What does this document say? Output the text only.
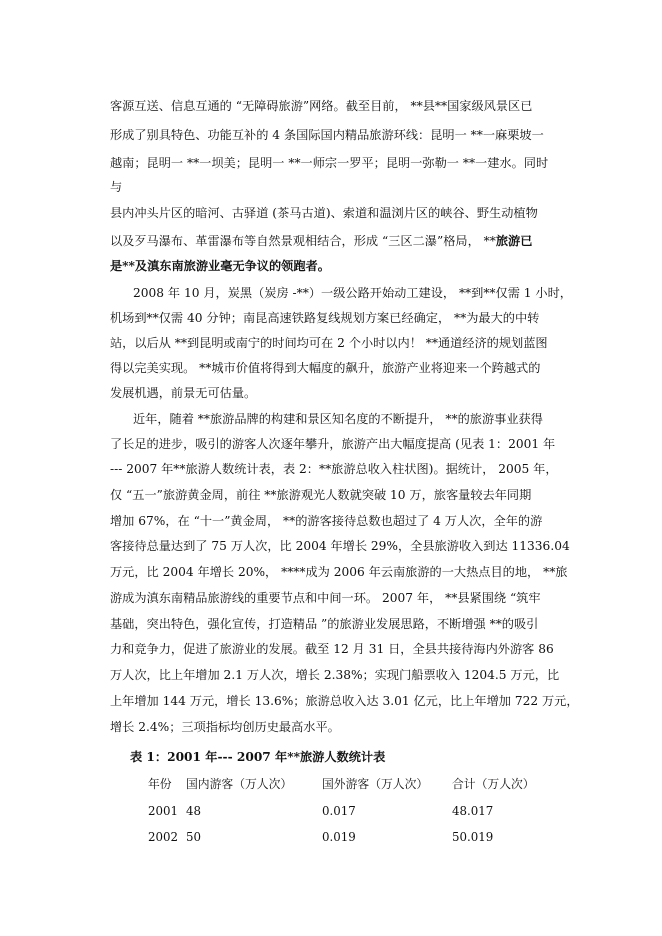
客源互送、信息互通的 “无障碍旅游”网络。截至目前， **县**国家级风景区已
形成了别具特色、功能互补的 4 条国际国内精品旅游环线：昆明一 **一麻栗坡一
越南；昆明一 **一坝美；昆明一 **一师宗一罗平；昆明一弥勒一 **一建水。同时
与
县内冲头片区的暗河、古驿道 (茶马古道)、索道和温浏片区的峡谷、野生动植物
以及歹马瀑布、革雷瀑布等自然景观相结合，形成 “三区二瀑”格局， **旅游已
是**及滇东南旅游业毫无争议的领跑者。
2008 年 10 月，炭黑（炭房 -**）一级公路开始动工建设， **到**仅需 1 小时，
机场到**仅需 40 分钟；南昆高速铁路复线规划方案已经确定， **为最大的中转
站，以后从 **到昆明或南宁的时间均可在 2 个小时以内！ **通道经济的规划蓝图
得以完美实现。 **城市价值将得到大幅度的飙升，旅游产业将迎来一个跨越式的
发展机遇，前景无可估量。
近年，随着 **旅游品牌的构建和景区知名度的不断提升， **的旅游事业获得
了长足的进步，吸引的游客人次逐年攀升，旅游产出大幅度提高 (见表 1：2001 年
--- 2007 年**旅游人数统计表，表 2：**旅游总收入柱状图)。据统计， 2005 年，
仅 “五一”旅游黄金周，前往 **旅游观光人数就突破 10 万，旅客量较去年同期
增加 67%，在 “十一”黄金周， **的游客接待总数也超过了 4 万人次，全年的游
客接待总量达到了 75 万人次，比 2004 年增长 29%，全县旅游收入到达 11336.04
万元，比 2004 年增长 20%， ****成为 2006 年云南旅游的一大热点目的地， **旅
游成为滇东南精品旅游线的重要节点和中间一环。 2007 年， **县紧围绕 “筑牢
基础，突出特色，强化宣传，打造精品 ”的旅游业发展思路，不断增强 **的吸引
力和竞争力，促进了旅游业的发展。截至 12 月 31 日，全县共接待海内外游客 86
万人次，比上年增加 2.1 万人次，增长 2.38%；实现门船票收入 1204.5 万元，比
上年增加 144 万元，增长 13.6%；旅游总收入达 3.01 亿元，比上年增加 722 万元，
增长 2.4%；三项指标均创历史最高水平。
表 1：2001 年--- 2007 年**旅游人数统计表
年份 国内游客（万人次）	国外游客（万人次） 合计（万人次）
2001 48	0.017	48.017
2002 50	0.019	50.019
